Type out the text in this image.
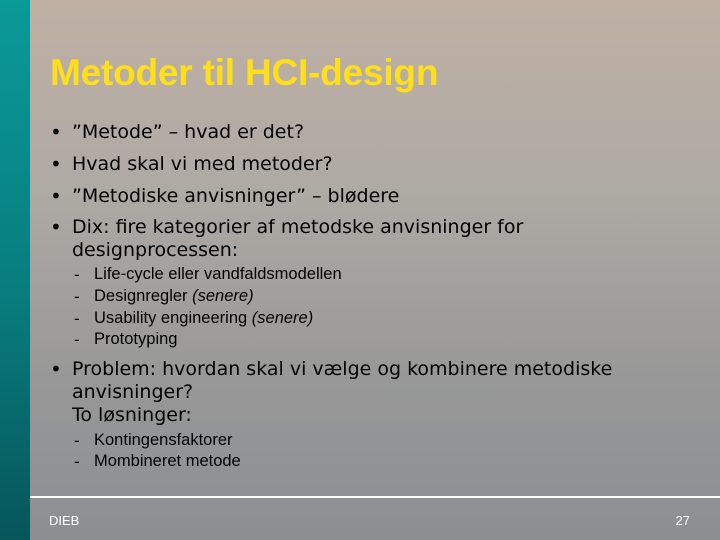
Metoder til HCI-design
• ”Metode” – hvad er det?
• Hvad skal vi med metoder?
• ”Metodiske anvisninger” – blødere
• Dix: fire kategorier af metodske anvisninger for
designprocessen:
- Life-cycle eller vandfaldsmodellen
- Designregler (senere)
- Usability engineering (senere)
- Prototyping
• Problem: hvordan skal vi vælge og kombinere metodiske
anvisninger?
To løsninger:
- Kontingensfaktorer
- Mombineret metode
DIEB	27
